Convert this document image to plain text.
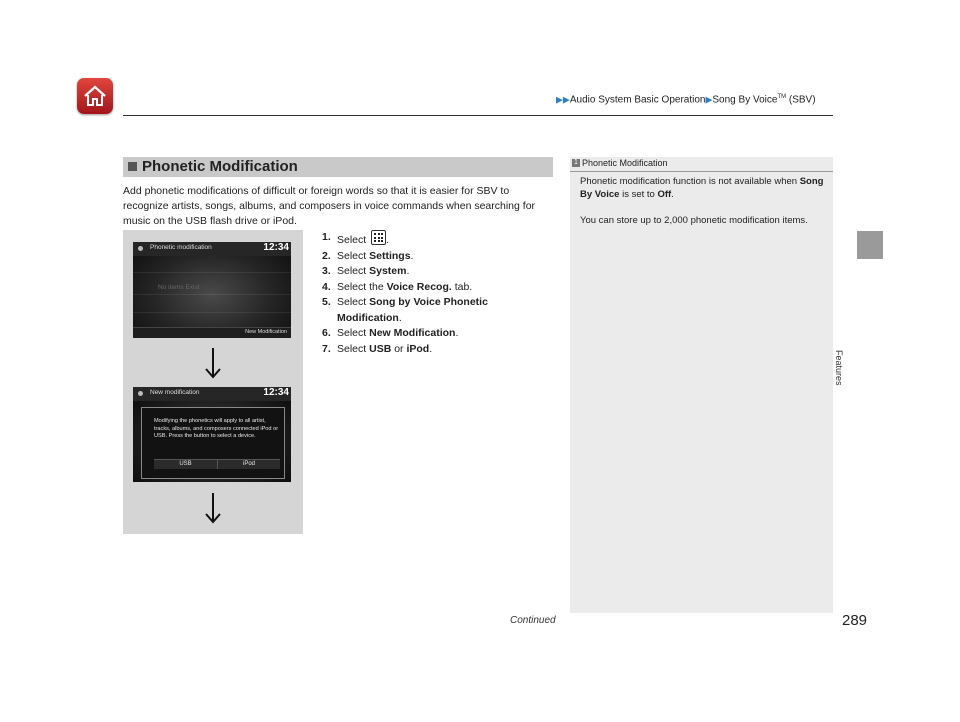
▶▶Audio System Basic Operation▶Song By Voice™ (SBV)
Features
Phonetic Modification
Add phonetic modifications of difficult or foreign words so that it is easier for SBV to recognize artists, songs, albums, and composers in voice commands when searching for music on the USB flash drive or iPod.
Phonetic modification	12:34
No items Exist
New Modification
New modification	12:34
Modifying the phonetics will apply to all artist, tracks, albums, and composers connected iPod or USB. Press the button to select a device.
USB	iPod
1. Select
.
2. Select Settings.
3. Select System.
4. Select the Voice Recog. tab.
5. Select Song by Voice Phonetic Modification.
6. Select New Modification.
7. Select USB or iPod.
1 Phonetic Modification

Phonetic modification function is not available when Song By Voice is set to Off.

You can store up to 2,000 phonetic modification items.

Continued	289
